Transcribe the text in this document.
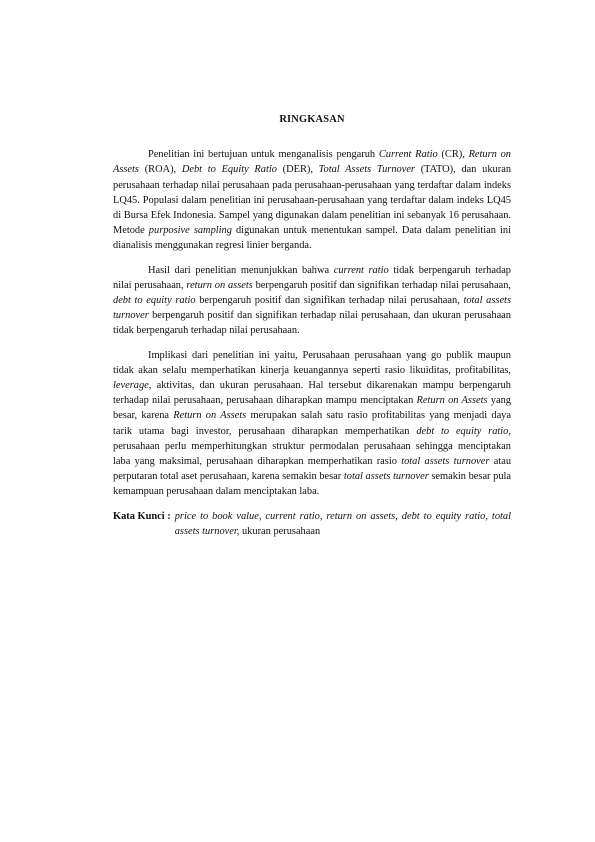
RINGKASAN

Penelitian ini bertujuan untuk menganalisis pengaruh Current Ratio (CR), Return on Assets (ROA), Debt to Equity Ratio (DER), Total Assets Turnover (TATO), dan ukuran perusahaan terhadap nilai perusahaan pada perusahaan-perusahaan yang terdaftar dalam indeks LQ45. Populasi dalam penelitian ini perusahaan-perusahaan yang terdaftar dalam indeks LQ45 di Bursa Efek Indonesia. Sampel yang digunakan dalam penelitian ini sebanyak 16 perusahaan. Metode purposive sampling digunakan untuk menentukan sampel. Data dalam penelitian ini dianalisis menggunakan regresi linier berganda.

Hasil dari penelitian menunjukkan bahwa current ratio tidak berpengaruh terhadap nilai perusahaan, return on assets berpengaruh positif dan signifikan terhadap nilai perusahaan, debt to equity ratio berpengaruh positif dan signifikan terhadap nilai perusahaan, total assets turnover berpengaruh positif dan signifikan terhadap nilai perusahaan, dan ukuran perusahaan tidak berpengaruh terhadap nilai perusahaan.

Implikasi dari penelitian ini yaitu, Perusahaan perusahaan yang go publik maupun tidak akan selalu memperhatikan kinerja keuangannya seperti rasio likuiditas, profitabilitas, leverage, aktivitas, dan ukuran perusahaan. Hal tersebut dikarenakan mampu berpengaruh terhadap nilai perusahaan, perusahaan diharapkan mampu menciptakan Return on Assets yang besar, karena Return on Assets merupakan salah satu rasio profitabilitas yang menjadi daya tarik utama bagi investor, perusahaan diharapkan memperhatikan debt to equity ratio, perusahaan perlu memperhitungkan struktur permodalan perusahaan sehingga menciptakan laba yang maksimal, perusahaan diharapkan memperhatikan rasio total assets turnover atau perputaran total aset perusahaan, karena semakin besar total assets turnover semakin besar pula kemampuan perusahaan dalam menciptakan laba.

Kata Kunci : price to book value, current ratio, return on assets, debt to equity ratio, total assets turnover, ukuran perusahaan
